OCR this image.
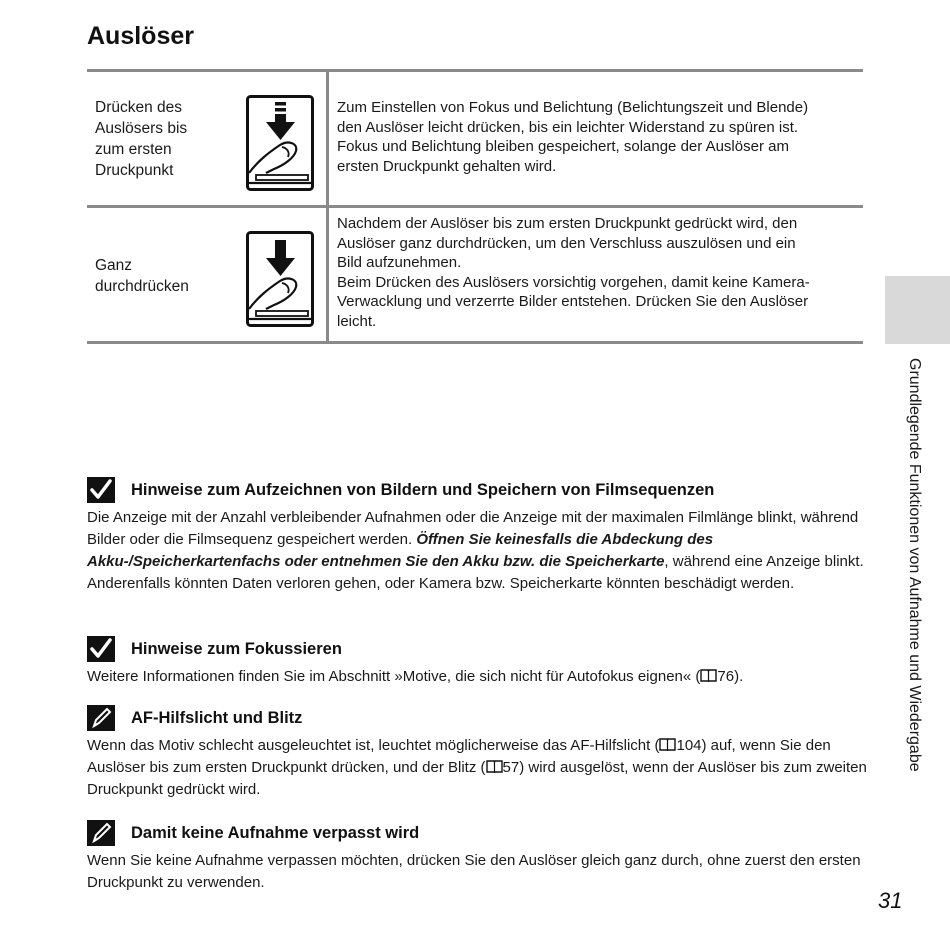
Auslöser
Drücken des
Auslösers bis
zum ersten
Druckpunkt
Zum Einstellen von Fokus und Belichtung (Belichtungszeit und Blende)
den Auslöser leicht drücken, bis ein leichter Widerstand zu spüren ist.
Fokus und Belichtung bleiben gespeichert, solange der Auslöser am
ersten Druckpunkt gehalten wird.
Ganz
durchdrücken
Nachdem der Auslöser bis zum ersten Druckpunkt gedrückt wird, den
Auslöser ganz durchdrücken, um den Verschluss auszulösen und ein
Bild aufzunehmen.
Beim Drücken des Auslösers vorsichtig vorgehen, damit keine Kamera-
Verwacklung und verzerrte Bilder entstehen. Drücken Sie den Auslöser
leicht.
Grundlegende Funktionen von Aufnahme und Wiedergabe
Hinweise zum Aufzeichnen von Bildern und Speichern von Filmsequenzen
Die Anzeige mit der Anzahl verbleibender Aufnahmen oder die Anzeige mit der maximalen Filmlänge blinkt, während Bilder oder die Filmsequenz gespeichert werden. Öffnen Sie keinesfalls die Abdeckung des Akku-/Speicherkartenfachs oder entnehmen Sie den Akku bzw. die Speicherkarte, während eine Anzeige blinkt. Anderenfalls könnten Daten verloren gehen, oder Kamera bzw. Speicherkarte könnten beschädigt werden.
Hinweise zum Fokussieren
Weitere Informationen finden Sie im Abschnitt »Motive, die sich nicht für Autofokus eignen« ( 76).
AF-Hilfslicht und Blitz
Wenn das Motiv schlecht ausgeleuchtet ist, leuchtet möglicherweise das AF-Hilfslicht ( 104) auf, wenn Sie den Auslöser bis zum ersten Druckpunkt drücken, und der Blitz ( 57) wird ausgelöst, wenn der Auslöser bis zum zweiten Druckpunkt gedrückt wird.
Damit keine Aufnahme verpasst wird
Wenn Sie keine Aufnahme verpassen möchten, drücken Sie den Auslöser gleich ganz durch, ohne zuerst den ersten Druckpunkt zu verwenden.
31
